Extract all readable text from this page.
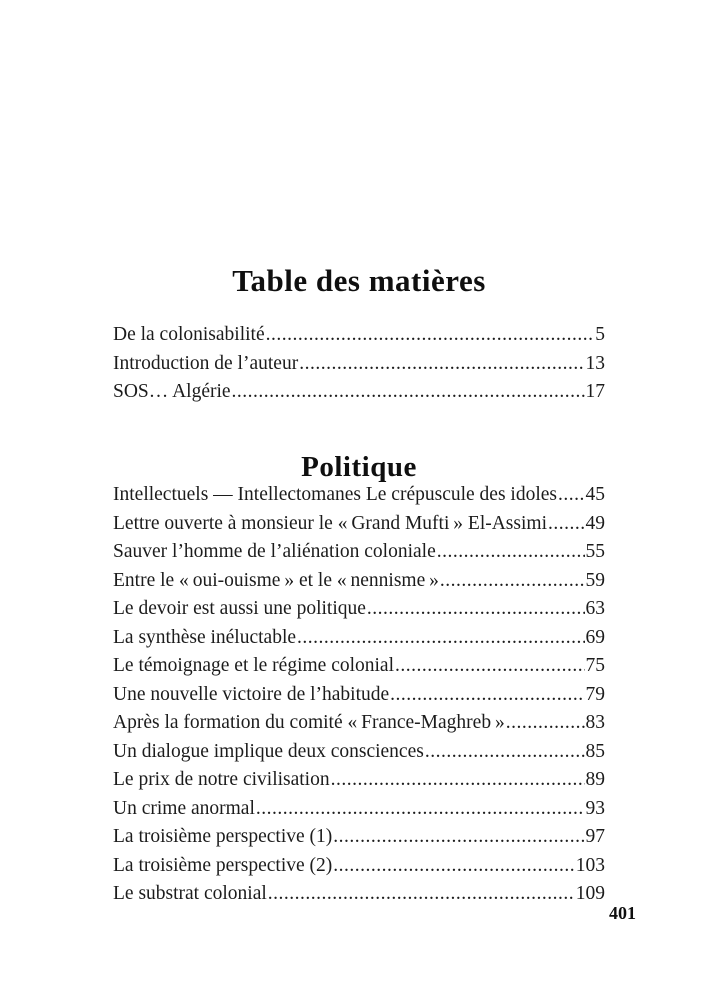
Table des matières
De la colonisabilité .....	5
Introduction de l’auteur .....	13
SOS… Algérie .....	17
Politique
Intellectuels — Intellectomanes Le crépuscule des idoles ..... 45
Lettre ouverte à monsieur le « Grand Mufti » El-Assimi ..... 49
Sauver l’homme de l’aliénation coloniale .....	55
Entre le « oui-ouisme » et le « nennisme » .....	59
Le devoir est aussi une politique .....	63
La synthèse inéluctable .....	69
Le témoignage et le régime colonial .....	75
Une nouvelle victoire de l’habitude .....	79
Après la formation du comité « France-Maghreb » .....	83
Un dialogue implique deux consciences .....	85
Le prix de notre civilisation .....	89
Un crime anormal .....	93
La troisième perspective (1) .....	97
La troisième perspective (2) .....	103
Le substrat colonial .....	109
401
